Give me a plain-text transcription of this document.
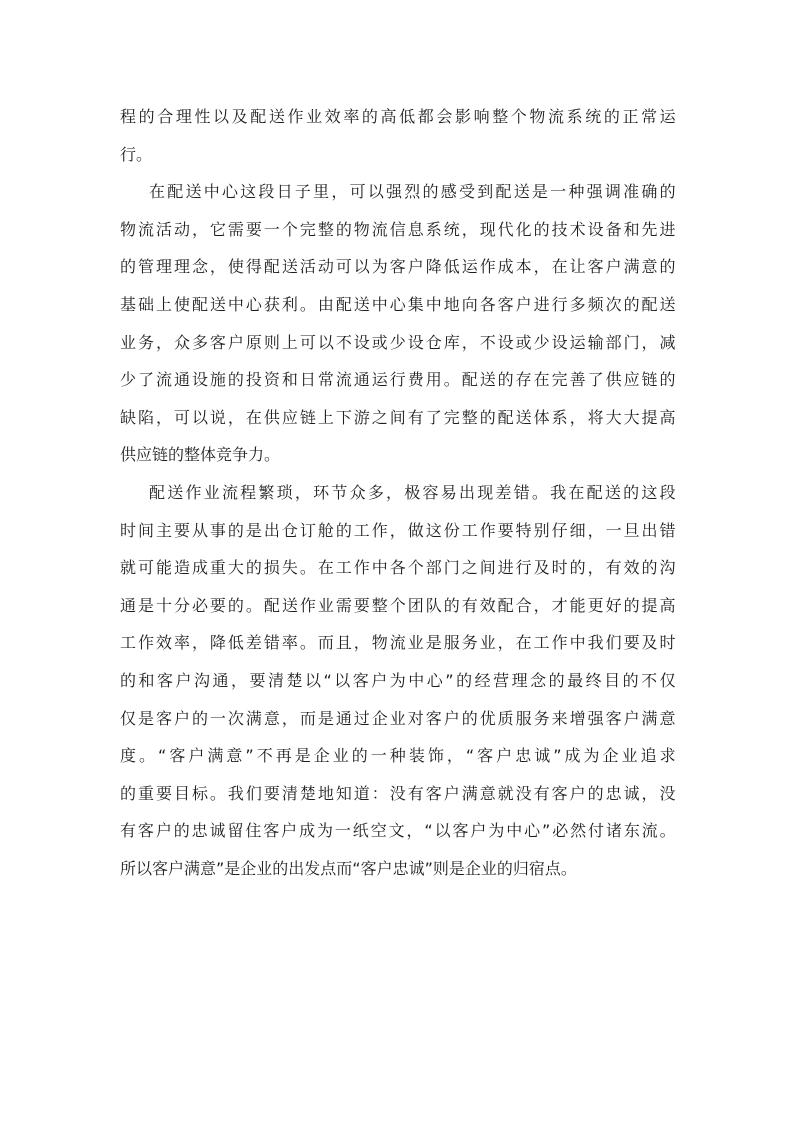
程 的 合 理 性 以 及 配 送 作 业 效 率 的 高 低 都 会 影 响 整 个 物 流 系 统 的 正 常 运
行。
在 配 送 中 心 这 段 日 子 里 ， 可 以 强 烈 的 感 受 到 配 送 是 一 种 强 调 准 确 的
物 流 活 动 ， 它 需 要 一 个 完 整 的 物 流 信 息 系 统 ， 现 代 化 的 技 术 设 备 和 先 进
的 管 理 理 念 ， 使 得 配 送 活 动 可 以 为 客 户 降 低 运 作 成 本 ， 在 让 客 户 满 意 的
基 础 上 使 配 送 中 心 获 利 。 由 配 送 中 心 集 中 地 向 各 客 户 进 行 多 频 次 的 配 送
业 务 ， 众 多 客 户 原 则 上 可 以 不 设 或 少 设 仓 库 ， 不 设 或 少 设 运 输 部 门 ， 减
少 了 流 通 设 施 的 投 资 和 日 常 流 通 运 行 费 用 。 配 送 的 存 在 完 善 了 供 应 链 的
缺 陷 ， 可 以 说 ， 在 供 应 链 上 下 游 之 间 有 了 完 整 的 配 送 体 系 ， 将 大 大 提 高
供应链的整体竞争力。
配 送 作 业 流 程 繁 琐 ， 环 节 众 多 ， 极 容 易 出 现 差 错 。 我 在 配 送 的 这 段
时 间 主 要 从 事 的 是 出 仓 订 舱 的 工 作 ， 做 这 份 工 作 要 特 别 仔 细 ， 一 旦 出 错
就 可 能 造 成 重 大 的 损 失 。 在 工 作 中 各 个 部 门 之 间 进 行 及 时 的 ， 有 效 的 沟
通 是 十 分 必 要 的 。 配 送 作 业 需 要 整 个 团 队 的 有 效 配 合 ， 才 能 更 好 的 提 高
工 作 效 率 ， 降 低 差 错 率 。 而 且 ， 物 流 业 是 服 务 业 ， 在 工 作 中 我 们 要 及 时
的 和 客 户 沟 通 ， 要 清 楚 以 “ 以 客 户 为 中 心 ” 的 经 营 理 念 的 最 终 目 的 不 仅
仅 是 客 户 的 一 次 满 意 ， 而 是 通 过 企 业 对 客 户 的 优 质 服 务 来 增 强 客 户 满 意
度 。 “ 客 户 满 意 ” 不 再 是 企 业 的 一 种 装 饰 ， “ 客 户 忠 诚 ” 成 为 企 业 追 求
的 重 要 目 标 。 我 们 要 清 楚 地 知 道 ： 没 有 客 户 满 意 就 没 有 客 户 的 忠 诚 ， 没
有 客 户 的 忠 诚 留 住 客 户 成 为 一 纸 空 文 ， “ 以 客 户 为 中 心 ” 必 然 付 诸 东 流 。
所以客户满意”是企业的出发点而“客户忠诚”则是企业的归宿点。
